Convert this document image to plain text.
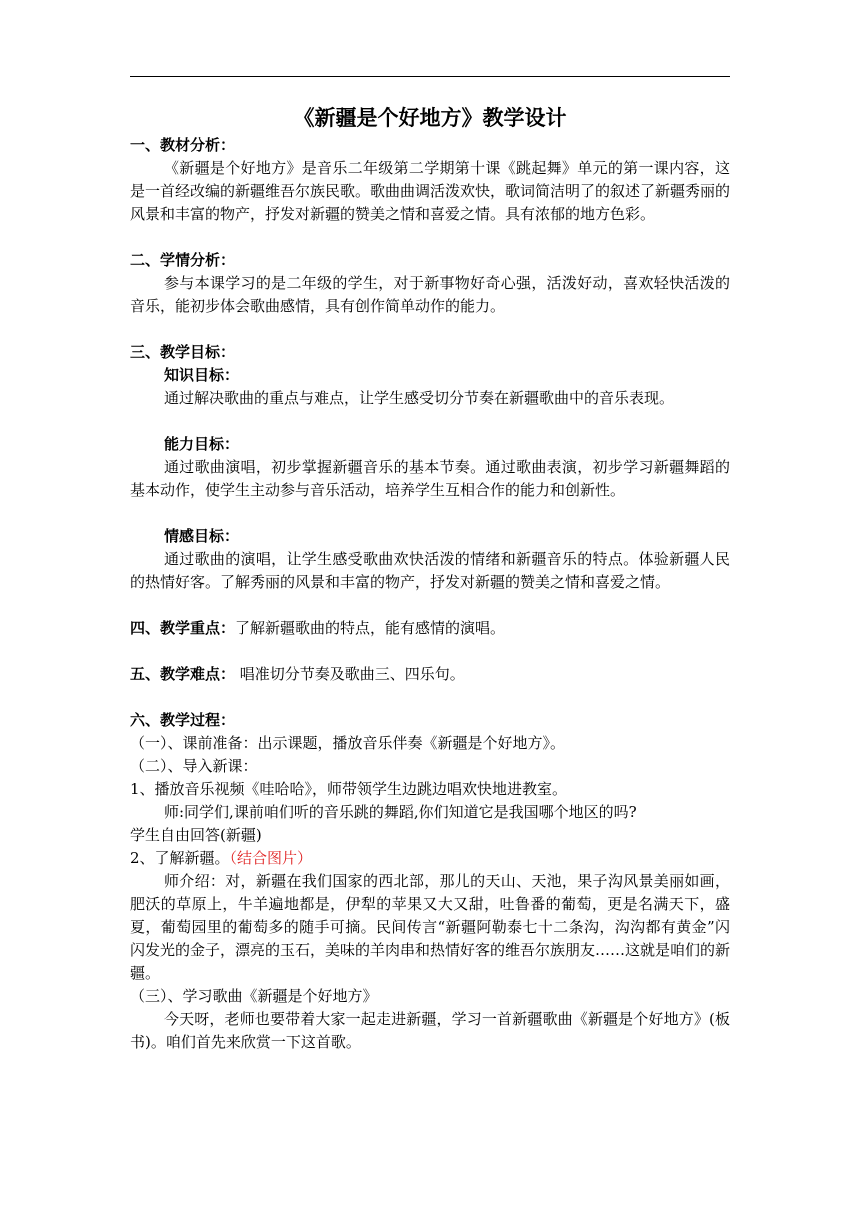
《新疆是个好地方》教学设计
一、教材分析：

《新疆是个好地方》是音乐二年级第二学期第十课《跳起舞》单元的第一课内容，这是一首经改编的新疆维吾尔族民歌。歌曲曲调活泼欢快，歌词简洁明了的叙述了新疆秀丽的风景和丰富的物产，抒发对新疆的赞美之情和喜爱之情。具有浓郁的地方色彩。

二、学情分析：

参与本课学习的是二年级的学生，对于新事物好奇心强，活泼好动，喜欢轻快活泼的音乐，能初步体会歌曲感情，具有创作简单动作的能力。

三、教学目标：
知识目标：

通过解决歌曲的重点与难点，让学生感受切分节奏在新疆歌曲中的音乐表现。

能力目标：

通过歌曲演唱，初步掌握新疆音乐的基本节奏。通过歌曲表演，初步学习新疆舞蹈的基本动作，使学生主动参与音乐活动，培养学生互相合作的能力和创新性。

情感目标：

通过歌曲的演唱，让学生感受歌曲欢快活泼的情绪和新疆音乐的特点。体验新疆人民的热情好客。了解秀丽的风景和丰富的物产，抒发对新疆的赞美之情和喜爱之情。

四、教学重点：了解新疆歌曲的特点，能有感情的演唱。

五、教学难点： 唱准切分节奏及歌曲三、四乐句。

六、教学过程：

（一）、课前准备：出示课题，播放音乐伴奏《新疆是个好地方》。

（二）、导入新课：

1、播放音乐视频《哇哈哈》，师带领学生边跳边唱欢快地进教室。

师:同学们,课前咱们听的音乐跳的舞蹈,你们知道它是我国哪个地区的吗?

学生自由回答(新疆)

2、了解新疆。（结合图片）

师介绍：对，新疆在我们国家的西北部，那儿的天山、天池，果子沟风景美丽如画，肥沃的草原上，牛羊遍地都是，伊犁的苹果又大又甜，吐鲁番的葡萄，更是名满天下，盛夏，葡萄园里的葡萄多的随手可摘。民间传言“新疆阿勒泰七十二条沟，沟沟都有黄金”闪闪发光的金子，漂亮的玉石，美味的羊肉串和热情好客的维吾尔族朋友……这就是咱们的新疆。

（三）、学习歌曲《新疆是个好地方》

今天呀，老师也要带着大家一起走进新疆，学习一首新疆歌曲《新疆是个好地方》(板书)。咱们首先来欣赏一下这首歌。
